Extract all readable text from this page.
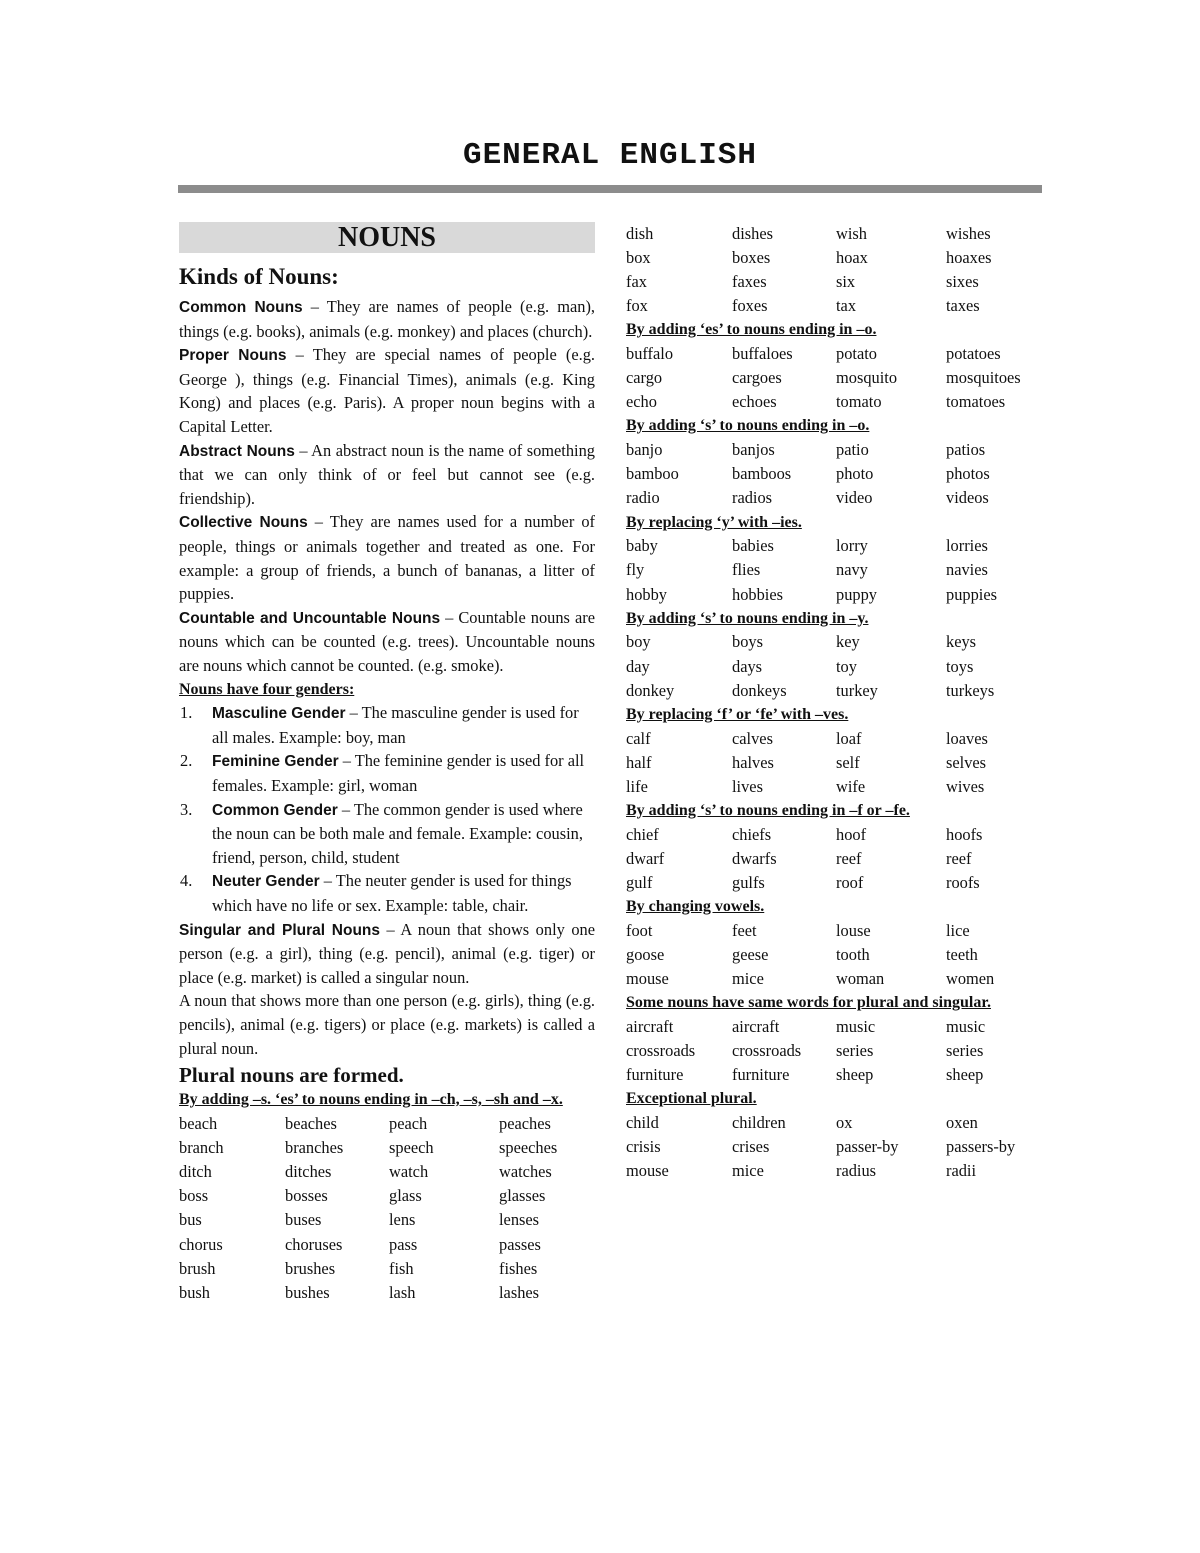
GENERAL ENGLISH
NOUNS
Kinds of Nouns:
Common Nouns – They are names of people (e.g. man), things (e.g. books), animals (e.g. monkey) and places (church).
Proper Nouns – They are special names of people (e.g. George ), things (e.g. Financial Times), animals (e.g. King Kong) and places (e.g. Paris). A proper noun begins with a Capital Letter.
Abstract Nouns – An abstract noun is the name of something that we can only think of or feel but cannot see (e.g. friendship).
Collective Nouns – They are names used for a number of people, things or animals together and treated as one. For example: a group of friends, a bunch of bananas, a litter of puppies.
Countable and Uncountable Nouns – Countable nouns are nouns which can be counted (e.g. trees). Uncountable nouns are nouns which cannot be counted. (e.g. smoke).
Nouns have four genders:
1. Masculine Gender – The masculine gender is used for all males. Example: boy, man
2. Feminine Gender – The feminine gender is used for all females. Example: girl, woman
3. Common Gender – The common gender is used where the noun can be both male and female. Example: cousin, friend, person, child, student
4. Neuter Gender – The neuter gender is used for things which have no life or sex. Example: table, chair.
Singular and Plural Nouns – A noun that shows only one person (e.g. a girl), thing (e.g. pencil), animal (e.g. tiger) or place (e.g. market) is called a singular noun.
A noun that shows more than one person (e.g. girls), thing (e.g. pencils), animal (e.g. tigers) or place (e.g. markets) is called a plural noun.
Plural nouns are formed.
By adding –s. ‘es’ to nouns ending in –ch, –s, –sh and –x.
beach	beaches	peach	peaches
branch	branches	speech	speeches
ditch	ditches	watch	watches
boss	bosses	glass	glasses
bus	buses	lens	lenses
chorus	choruses	pass	passes
brush	brushes	fish	fishes
bush	bushes	lash	lashes
dish	dishes	wish	wishes
box	boxes	hoax	hoaxes
fax	faxes	six	sixes
fox	foxes	tax	taxes
By adding ‘es’ to nouns ending in –o.
buffalo	buffaloes	potato	potatoes
cargo	cargoes	mosquito	mosquitoes
echo	echoes	tomato	tomatoes
By adding ‘s’ to nouns ending in –o.
banjo	banjos	patio	patios
bamboo	bamboos	photo	photos
radio	radios	video	videos
By replacing ‘y’ with –ies.
baby	babies	lorry	lorries
fly	flies	navy	navies
hobby	hobbies	puppy	puppies
By adding ‘s’ to nouns ending in –y.
boy	boys	key	keys
day	days	toy	toys
donkey	donkeys	turkey	turkeys
By replacing ‘f’ or ‘fe’ with –ves.
calf	calves	loaf	loaves
half	halves	self	selves
life	lives	wife	wives
By adding ‘s’ to nouns ending in –f or –fe.
chief	chiefs	hoof	hoofs
dwarf	dwarfs	reef	reef
gulf	gulfs	roof	roofs
By changing vowels.
foot	feet	louse	lice
goose	geese	tooth	teeth
mouse	mice	woman	women
Some nouns have same words for plural and singular.
aircraft	aircraft	music	music
crossroads	crossroads	series	series
furniture	furniture	sheep	sheep
Exceptional plural.
child	children	ox	oxen
crisis	crises	passer-by	passers-by
mouse	mice	radius	radii
